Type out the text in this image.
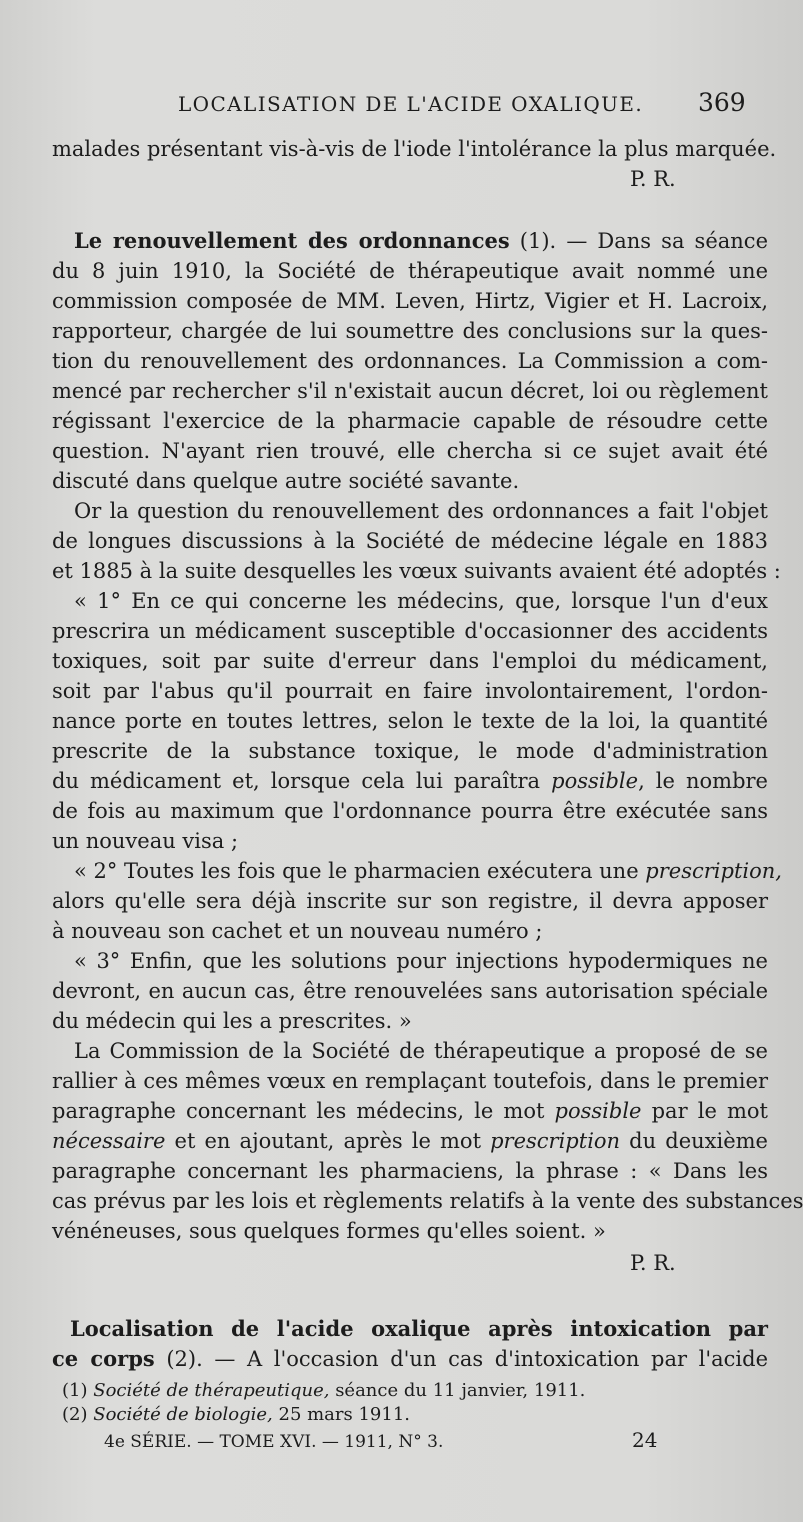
LOCALISATION DE L'ACIDE OXALIQUE. 369
malades présentant vis-à-vis de l'iode l'intolérance la plus marquée.
P. R.
Le renouvellement des ordonnances (1). — Dans sa séance
du 8 juin 1910, la Société de thérapeutique avait nommé une
commission composée de MM. Leven, Hirtz, Vigier et H. Lacroix,
rapporteur, chargée de lui soumettre des conclusions sur la ques-
tion du renouvellement des ordonnances. La Commission a com-
mencé par rechercher s'il n'existait aucun décret, loi ou règlement
régissant l'exercice de la pharmacie capable de résoudre cette
question. N'ayant rien trouvé, elle chercha si ce sujet avait été
discuté dans quelque autre société savante.
Or la question du renouvellement des ordonnances a fait l'objet
de longues discussions à la Société de médecine légale en 1883
et 1885 à la suite desquelles les vœux suivants avaient été adoptés :
« 1° En ce qui concerne les médecins, que, lorsque l'un d'eux
prescrira un médicament susceptible d'occasionner des accidents
toxiques, soit par suite d'erreur dans l'emploi du médicament,
soit par l'abus qu'il pourrait en faire involontairement, l'ordon-
nance porte en toutes lettres, selon le texte de la loi, la quantité
prescrite de la substance toxique, le mode d'administration
du médicament et, lorsque cela lui paraîtra possible, le nombre
de fois au maximum que l'ordonnance pourra être exécutée sans
un nouveau visa ;
« 2° Toutes les fois que le pharmacien exécutera une prescription,
alors qu'elle sera déjà inscrite sur son registre, il devra apposer
à nouveau son cachet et un nouveau numéro ;
« 3° Enfin, que les solutions pour injections hypodermiques ne
devront, en aucun cas, être renouvelées sans autorisation spéciale
du médecin qui les a prescrites. »
La Commission de la Société de thérapeutique a proposé de se
rallier à ces mêmes vœux en remplaçant toutefois, dans le premier
paragraphe concernant les médecins, le mot possible par le mot
nécessaire et en ajoutant, après le mot prescription du deuxième
paragraphe concernant les pharmaciens, la phrase : « Dans les
cas prévus par les lois et règlements relatifs à la vente des substances
vénéneuses, sous quelques formes qu'elles soient. »
P. R.
Localisation de l'acide oxalique après intoxication par
ce corps (2). — A l'occasion d'un cas d'intoxication par l'acide
(1) Société de thérapeutique, séance du 11 janvier, 1911.
(2) Société de biologie, 25 mars 1911.
4e SÉRIE. — TOME XVI. — 1911, N° 3.	24
